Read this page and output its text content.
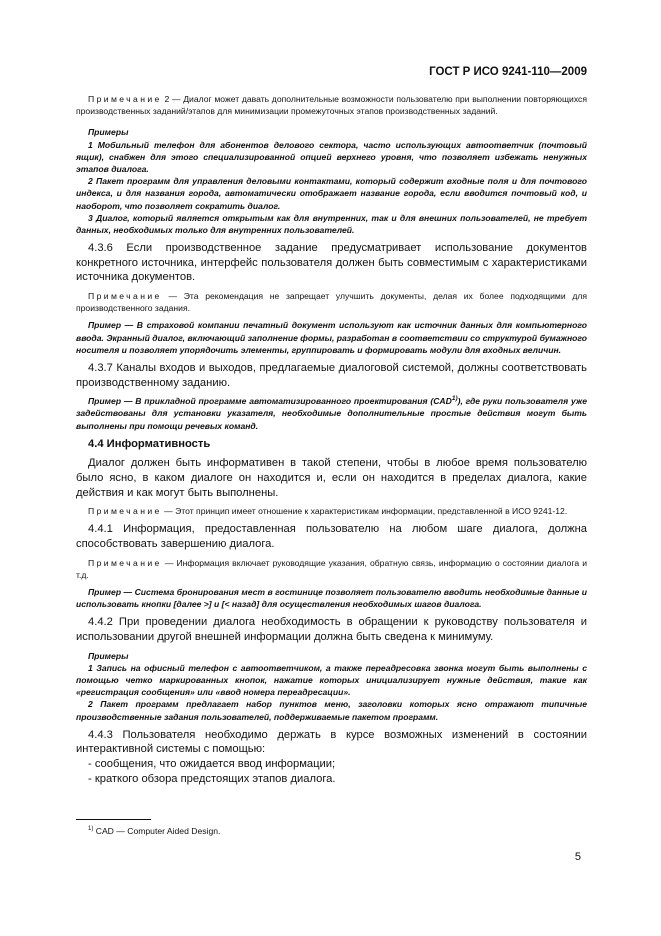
ГОСТ Р ИСО 9241-110—2009

Примечание 2 — Диалог может давать дополнительные возможности пользователю при выполнении повторяющихся производственных заданий/этапов для минимизации промежуточных этапов производственных заданий.

Примеры

1 Мобильный телефон для абонентов делового сектора, часто использующих автоответчик (почтовый ящик), снабжен для этого специализированной опцией верхнего уровня, что позволяет избежать ненужных этапов диалога.

2 Пакет программ для управления деловыми контактами, который содержит входные поля и для почтового индекса, и для названия города, автоматически отображает название города, если вводится почтовый код, и наоборот, что позволяет сократить диалог.

3 Диалог, который является открытым как для внутренних, так и для внешних пользователей, не требует данных, необходимых только для внутренних пользователей.

4.3.6 Если производственное задание предусматривает использование документов конкретного источника, интерфейс пользователя должен быть совместимым с характеристиками источника документов.

Примечание — Эта рекомендация не запрещает улучшить документы, делая их более подходящими для производственного задания.

Пример — В страховой компании печатный документ используют как источник данных для компьютерного ввода. Экранный диалог, включающий заполнение формы, разработан в соответствии со структурой бумажного носителя и позволяет упорядочить элементы, группировать и формировать модули для входных величин.

4.3.7 Каналы входов и выходов, предлагаемые диалоговой системой, должны соответствовать производственному заданию.

Пример — В прикладной программе автоматизированного проектирования (CAD$^{1)}$), где руки пользователя уже задействованы для установки указателя, необходимые дополнительные простые действия могут быть выполнены при помощи речевых команд.

4.4 Информативность

Диалог должен быть информативен в такой степени, чтобы в любое время пользователю было ясно, в каком диалоге он находится и, если он находится в пределах диалога, какие действия и как могут быть выполнены.

Примечание — Этот принцип имеет отношение к характеристикам информации, представленной в ИСО 9241-12.

4.4.1 Информация, предоставленная пользователю на любом шаге диалога, должна способствовать завершению диалога.

Примечание — Информация включает руководящие указания, обратную связь, информацию о состоянии диалога и т.д.

Пример — Система бронирования мест в гостинице позволяет пользователю вводить необходимые данные и использовать кнопки [далее >] и [< назад] для осуществления необходимых шагов диалога.

4.4.2 При проведении диалога необходимость в обращении к руководству пользователя и использовании другой внешней информации должна быть сведена к минимуму.

Примеры

1 Запись на офисный телефон с автоответчиком, а также переадресовка звонка могут быть выполнены с помощью четко маркированных кнопок, нажатие которых инициализирует нужные действия, такие как «регистрация сообщения» или «ввод номера переадресации».

2 Пакет программ предлагает набор пунктов меню, заголовки которых ясно отражают типичные производственные задания пользователей, поддерживаемые пакетом программ.

4.4.3 Пользователя необходимо держать в курсе возможных изменений в состоянии интерактивной системы с помощью:

- сообщения, что ожидается ввод информации;

- краткого обзора предстоящих этапов диалога.

$^{1)}$ CAD — Computer Aided Design.
5
